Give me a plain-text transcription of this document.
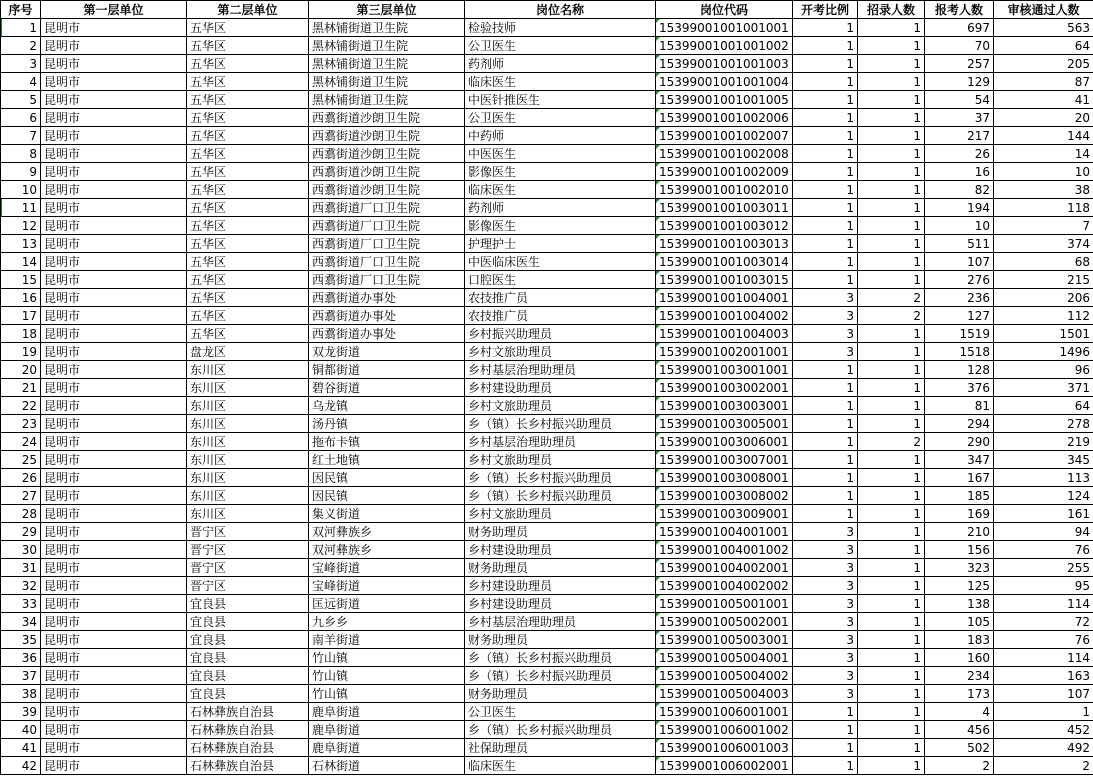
序号	第一层单位	第二层单位	第三层单位	岗位名称	岗位代码	开考比例	招录人数	报考人数	审核通过人数
1	昆明市	五华区	黑林铺街道卫生院	检验技师	15399001001001001	1	1	697	563
2	昆明市	五华区	黑林铺街道卫生院	公卫医生	15399001001001002	1	1	70	64
3	昆明市	五华区	黑林铺街道卫生院	药剂师	15399001001001003	1	1	257	205
4	昆明市	五华区	黑林铺街道卫生院	临床医生	15399001001001004	1	1	129	87
5	昆明市	五华区	黑林铺街道卫生院	中医针推医生	15399001001001005	1	1	54	41
6	昆明市	五华区	西翥街道沙朗卫生院	公卫医生	15399001001002006	1	1	37	20
7	昆明市	五华区	西翥街道沙朗卫生院	中药师	15399001001002007	1	1	217	144
8	昆明市	五华区	西翥街道沙朗卫生院	中医医生	15399001001002008	1	1	26	14
9	昆明市	五华区	西翥街道沙朗卫生院	影像医生	15399001001002009	1	1	16	10
10	昆明市	五华区	西翥街道沙朗卫生院	临床医生	15399001001002010	1	1	82	38
11	昆明市	五华区	西翥街道厂口卫生院	药剂师	15399001001003011	1	1	194	118
12	昆明市	五华区	西翥街道厂口卫生院	影像医生	15399001001003012	1	1	10	7
13	昆明市	五华区	西翥街道厂口卫生院	护理护士	15399001001003013	1	1	511	374
14	昆明市	五华区	西翥街道厂口卫生院	中医临床医生	15399001001003014	1	1	107	68
15	昆明市	五华区	西翥街道厂口卫生院	口腔医生	15399001001003015	1	1	276	215
16	昆明市	五华区	西翥街道办事处	农技推广员	15399001001004001	3	2	236	206
17	昆明市	五华区	西翥街道办事处	农技推广员	15399001001004002	3	2	127	112
18	昆明市	五华区	西翥街道办事处	乡村振兴助理员	15399001001004003	3	1	1519	1501
19	昆明市	盘龙区	双龙街道	乡村文旅助理员	15399001002001001	3	1	1518	1496
20	昆明市	东川区	铜都街道	乡村基层治理助理员	15399001003001001	1	1	128	96
21	昆明市	东川区	碧谷街道	乡村建设助理员	15399001003002001	1	1	376	371
22	昆明市	东川区	乌龙镇	乡村文旅助理员	15399001003003001	1	1	81	64
23	昆明市	东川区	汤丹镇	乡（镇）长乡村振兴助理员	15399001003005001	1	1	294	278
24	昆明市	东川区	拖布卡镇	乡村基层治理助理员	15399001003006001	1	2	290	219
25	昆明市	东川区	红土地镇	乡村文旅助理员	15399001003007001	1	1	347	345
26	昆明市	东川区	因民镇	乡（镇）长乡村振兴助理员	15399001003008001	1	1	167	113
27	昆明市	东川区	因民镇	乡（镇）长乡村振兴助理员	15399001003008002	1	1	185	124
28	昆明市	东川区	集义街道	乡村文旅助理员	15399001003009001	1	1	169	161
29	昆明市	晋宁区	双河彝族乡	财务助理员	15399001004001001	3	1	210	94
30	昆明市	晋宁区	双河彝族乡	乡村建设助理员	15399001004001002	3	1	156	76
31	昆明市	晋宁区	宝峰街道	财务助理员	15399001004002001	3	1	323	255
32	昆明市	晋宁区	宝峰街道	乡村建设助理员	15399001004002002	3	1	125	95
33	昆明市	宜良县	匡远街道	乡村建设助理员	15399001005001001	3	1	138	114
34	昆明市	宜良县	九乡乡	乡村基层治理助理员	15399001005002001	3	1	105	72
35	昆明市	宜良县	南羊街道	财务助理员	15399001005003001	3	1	183	76
36	昆明市	宜良县	竹山镇	乡（镇）长乡村振兴助理员	15399001005004001	3	1	160	114
37	昆明市	宜良县	竹山镇	乡（镇）长乡村振兴助理员	15399001005004002	3	1	234	163
38	昆明市	宜良县	竹山镇	财务助理员	15399001005004003	3	1	173	107
39	昆明市	石林彝族自治县	鹿阜街道	公卫医生	15399001006001001	1	1	4	1
40	昆明市	石林彝族自治县	鹿阜街道	乡（镇）长乡村振兴助理员	15399001006001002	1	1	456	452
41	昆明市	石林彝族自治县	鹿阜街道	社保助理员	15399001006001003	1	1	502	492
42	昆明市	石林彝族自治县	石林街道	临床医生	15399001006002001	1	1	2	2
